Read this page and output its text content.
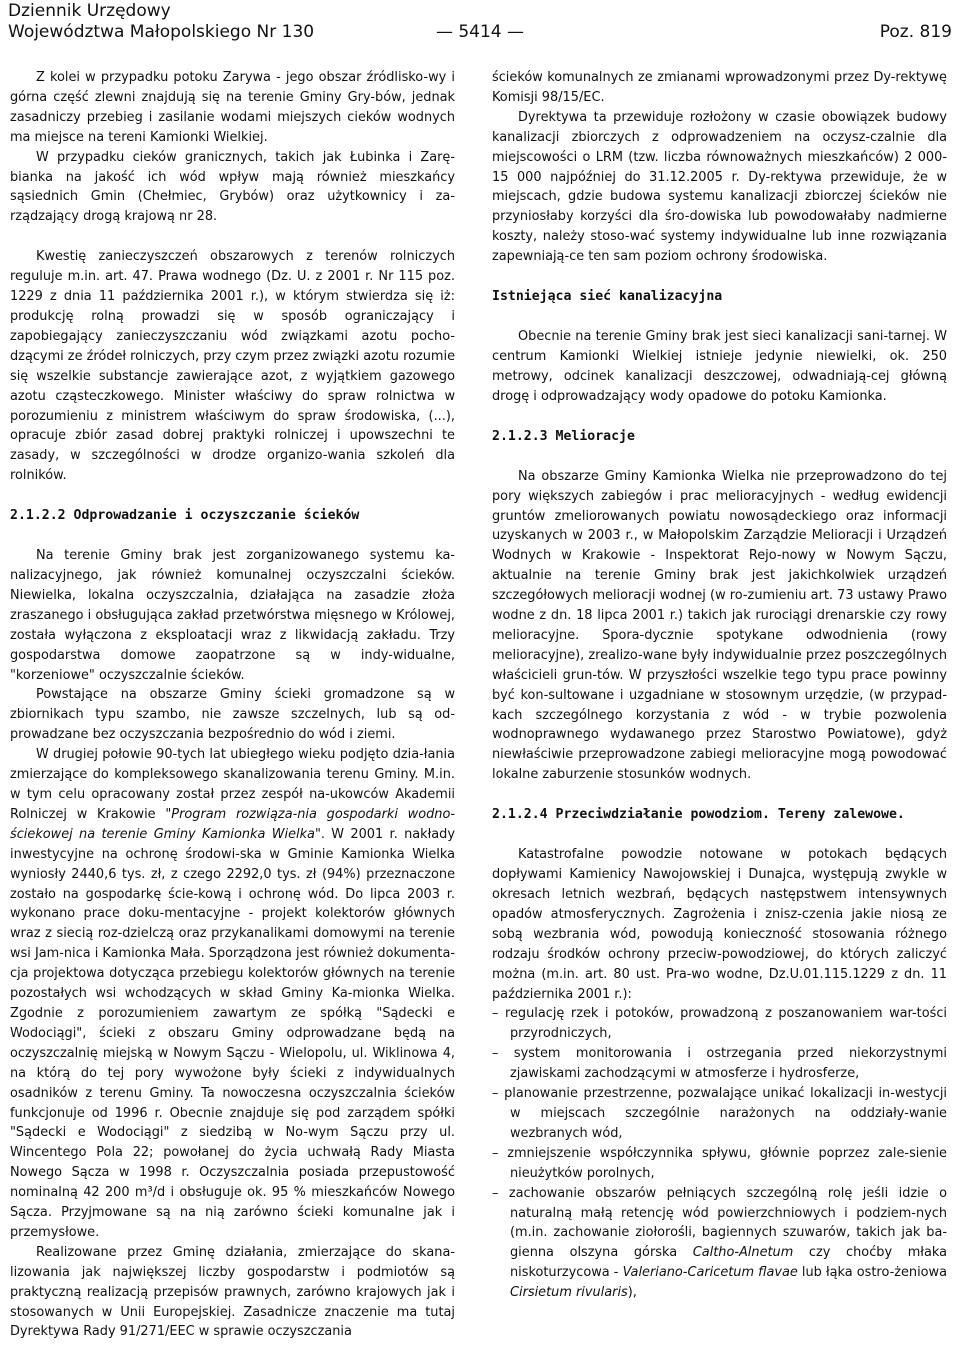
Dziennik Urzędowy
Województwa Małopolskiego Nr 130	— 5414 —	Poz. 819

Z kolei w przypadku potoku Zarywa - jego obszar źródlisko-wy i górna część zlewni znajdują się na terenie Gminy Gry-bów, jednak zasadniczy przebieg i zasilanie wodami miejszych cieków wodnych ma miejsce na tereni Kamionki Wielkiej.

W przypadku cieków granicznych, takich jak Łubinka i Zarę-bianka na jakość ich wód wpływ mają również mieszkańcy sąsiednich Gmin (Chełmiec, Grybów) oraz użytkownicy i za-rządzający drogą krajową nr 28.

Kwestię zanieczyszczeń obszarowych z terenów rolniczych reguluje m.in. art. 47. Prawa wodnego (Dz. U. z 2001 r. Nr 115 poz. 1229 z dnia 11 października 2001 r.), w którym stwierdza się iż: produkcję rolną prowadzi się w sposób ograniczający i zapobiegający zanieczyszczaniu wód związkami azotu pocho-dzącymi ze źródeł rolniczych, przy czym przez związki azotu rozumie się wszelkie substancje zawierające azot, z wyjątkiem gazowego azotu cząsteczkowego. Minister właściwy do spraw rolnictwa w porozumieniu z ministrem właściwym do spraw środowiska, (...), opracuje zbiór zasad dobrej praktyki rolniczej i upowszechni te zasady, w szczególności w drodze organizo-wania szkoleń dla rolników.

2.1.2.2 Odprowadzanie i oczyszczanie ścieków

Na terenie Gminy brak jest zorganizowanego systemu ka-nalizacyjnego, jak również komunalnej oczyszczalni ścieków. Niewielka, lokalna oczyszczalnia, działająca na zasadzie złoża zraszanego i obsługująca zakład przetwórstwa mięsnego w Królowej, została wyłączona z eksploatacji wraz z likwidacją zakładu. Trzy gospodarstwa domowe zaopatrzone są w indy-widualne, "korzeniowe" oczyszczalnie ścieków.

Powstające na obszarze Gminy ścieki gromadzone są w zbiornikach typu szambo, nie zawsze szczelnych, lub są od-prowadzane bez oczyszczania bezpośrednio do wód i ziemi.

W drugiej połowie 90-tych lat ubiegłego wieku podjęto dzia-łania zmierzające do kompleksowego skanalizowania terenu Gminy. M.in. w tym celu opracowany został przez zespół na-ukowców Akademii Rolniczej w Krakowie "Program rozwiąza-nia gospodarki wodno-ściekowej na terenie Gminy Kamionka Wielka". W 2001 r. nakłady inwestycyjne na ochronę środowi-ska w Gminie Kamionka Wielka wyniosły 2440,6 tys. zł, z czego 2292,0 tys. zł (94%) przeznaczone zostało na gospodarkę ście-kową i ochronę wód. Do lipca 2003 r. wykonano prace doku-mentacyjne - projekt kolektorów głównych wraz z siecią roz-dzielczą oraz przykanalikami domowymi na terenie wsi Jam-nica i Kamionka Mała. Sporządzona jest również dokumenta-cja projektowa dotycząca przebiegu kolektorów głównych na terenie pozostałych wsi wchodzących w skład Gminy Ka-mionka Wielka. Zgodnie z porozumieniem zawartym ze spółką "Sądecki e Wodociągi", ścieki z obszaru Gminy odprowadzane będą na oczyszczalnię miejską w Nowym Sączu - Wielopolu, ul. Wiklinowa 4, na którą do tej pory wywożone były ścieki z indywidualnych osadników z terenu Gminy. Ta nowoczesna oczyszczalnia ścieków funkcjonuje od 1996 r. Obecnie znajduje się pod zarządem spółki "Sądecki e Wodociągi" z siedzibą w No-wym Sączu przy ul. Wincentego Pola 22; powołanej do życia uchwałą Rady Miasta Nowego Sącza w 1998 r. Oczyszczalnia posiada przepustowość nominalną 42 200 m³/d i obsługuje ok. 95 % mieszkańców Nowego Sącza. Przyjmowane są na nią zarówno ścieki komunalne jak i przemysłowe.

Realizowane przez Gminę działania, zmierzające do skana-lizowania jak największej liczby gospodarstw i podmiotów są praktyczną realizacją przepisów prawnych, zarówno krajowych jak i stosowanych w Unii Europejskiej. Zasadnicze znaczenie ma tutaj Dyrektywa Rady 91/271/EEC w sprawie oczyszczania

ścieków komunalnych ze zmianami wprowadzonymi przez Dy-rektywę Komisji 98/15/EC.

Dyrektywa ta przewiduje rozłożony w czasie obowiązek budowy kanalizacji zbiorczych z odprowadzeniem na oczysz-czalnie dla miejscowości o LRM (tzw. liczba równoważnych mieszkańców) 2 000-15 000 najpóźniej do 31.12.2005 r. Dy-rektywa przewiduje, że w miejscach, gdzie budowa systemu kanalizacji zbiorczej ścieków nie przyniosłaby korzyści dla śro-dowiska lub powodowałaby nadmierne koszty, należy stoso-wać systemy indywidualne lub inne rozwiązania zapewniają-ce ten sam poziom ochrony środowiska.

Istniejąca sieć kanalizacyjna

Obecnie na terenie Gminy brak jest sieci kanalizacji sani-tarnej. W centrum Kamionki Wielkiej istnieje jedynie niewielki, ok. 250 metrowy, odcinek kanalizacji deszczowej, odwadniają-cej główną drogę i odprowadzający wody opadowe do potoku Kamionka.

2.1.2.3 Melioracje

Na obszarze Gminy Kamionka Wielka nie przeprowadzono do tej pory większych zabiegów i prac melioracyjnych - według ewidencji gruntów zmeliorowanych powiatu nowosądeckiego oraz informacji uzyskanych w 2003 r., w Małopolskim Zarządzie Melioracji i Urządzeń Wodnych w Krakowie - Inspektorat Rejo-nowy w Nowym Sączu, aktualnie na terenie Gminy brak jest jakichkolwiek urządzeń szczegółowych melioracji wodnej (w ro-zumieniu art. 73 ustawy Prawo wodne z dn. 18 lipca 2001 r.) takich jak rurociągi drenarskie czy rowy melioracyjne. Spora-dycznie spotykane odwodnienia (rowy melioracyjne), zrealizo-wane były indywidualnie przez poszczególnych właścicieli grun-tów. W przyszłości wszelkie tego typu prace powinny być kon-sultowane i uzgadniane w stosownym urzędzie, (w przypad-kach szczególnego korzystania z wód - w trybie pozwolenia wodnoprawnego wydawanego przez Starostwo Powiatowe), gdyż niewłaściwie przeprowadzone zabiegi melioracyjne mogą powodować lokalne zaburzenie stosunków wodnych.

2.1.2.4 Przeciwdziałanie powodziom. Tereny zalewowe.

Katastrofalne powodzie notowane w potokach będących dopływami Kamienicy Nawojowskiej i Dunajca, występują zwykle w okresach letnich wezbrań, będących następstwem intensywnych opadów atmosferycznych. Zagrożenia i znisz-czenia jakie niosą ze sobą wezbrania wód, powodują konieczność stosowania różnego rodzaju środków ochrony przeciw-powodziowej, do których zaliczyć można (m.in. art. 80 ust. Pra-wo wodne, Dz.U.01.115.1229 z dn. 11 października 2001 r.):

– regulację rzek i potoków, prowadzoną z poszanowaniem war-tości przyrodniczych,
– system monitorowania i ostrzegania przed niekorzystnymi zjawiskami zachodzącymi w atmosferze i hydrosferze,
– planowanie przestrzenne, pozwalające unikać lokalizacji in-westycji w miejscach szczególnie narażonych na oddziały-wanie wezbranych wód,
– zmniejszenie współczynnika spływu, głównie poprzez zale-sienie nieużytków porolnych,
– zachowanie obszarów pełniących szczególną rolę jeśli idzie o naturalną małą retencję wód powierzchniowych i podziem-nych (m.in. zachowanie ziołorośli, bagiennych szuwarów, takich jak ba-gienna olszyna górska Caltho-Alnetum czy choćby młaka niskoturzycowa - Valeriano-Caricetum flavae lub łąka ostro-żeniowa Cirsietum rivularis),
